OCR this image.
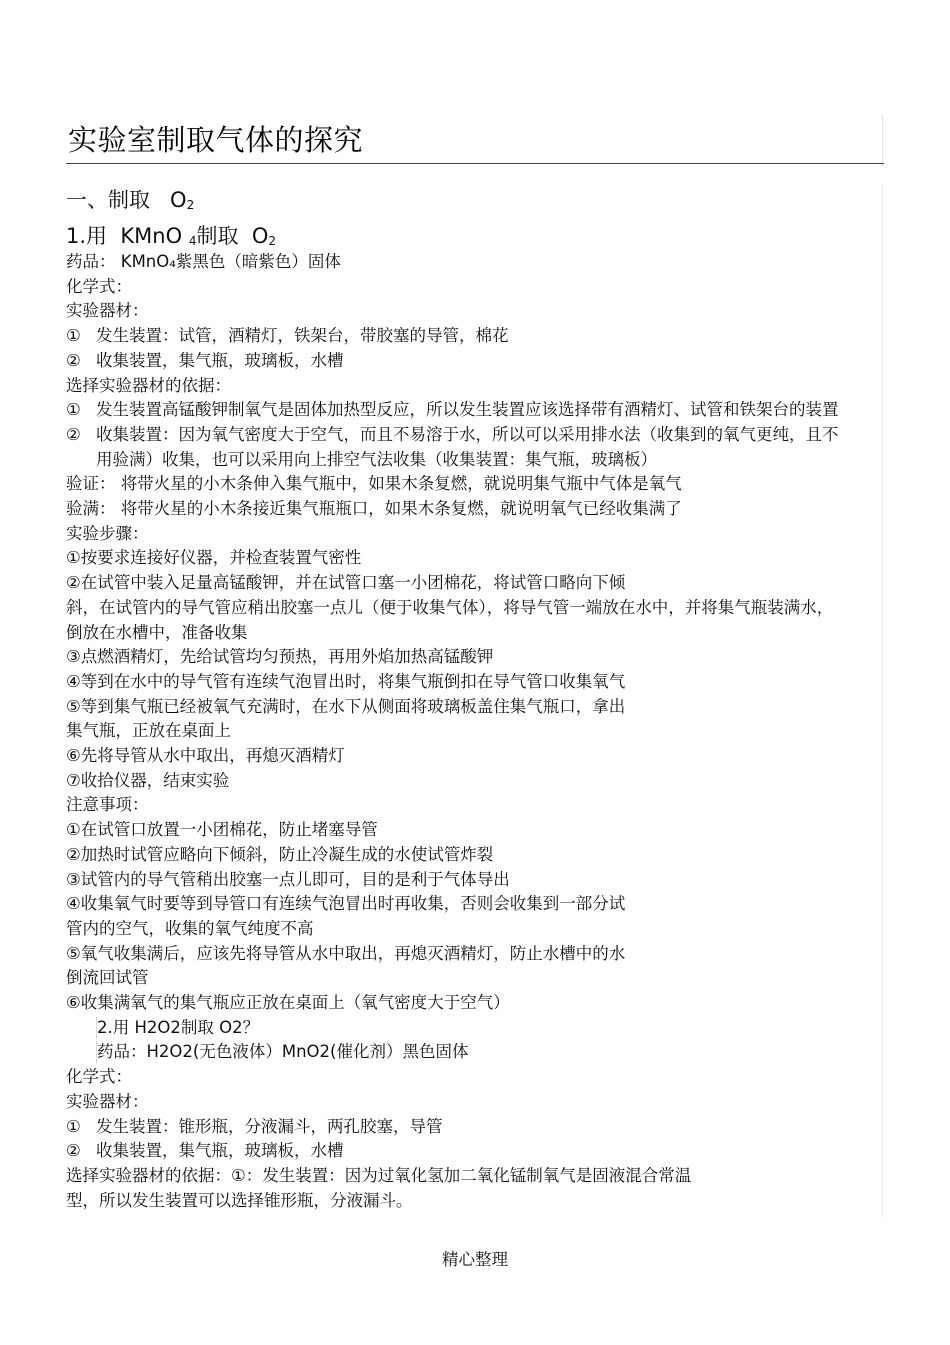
实验室制取气体的探究
一、制取 $O_2$
1.用 KMnO $_4$制取 $O_2$
药品： KMnO₄紫黑色（暗紫色）固体
化学式：
实验器材：
① 发生装置：试管，酒精灯，铁架台，带胶塞的导管，棉花
② 收集装置，集气瓶，玻璃板，水槽
选择实验器材的依据：
① 发生装置高锰酸钾制氧气是固体加热型反应，所以发生装置应该选择带有酒精灯、试管和铁架台的装置
② 收集装置：因为氧气密度大于空气，而且不易溶于水，所以可以采用排水法（收集到的氧气更纯，且不
用验满）收集，也可以采用向上排空气法收集（收集装置：集气瓶，玻璃板）
验证： 将带火星的小木条伸入集气瓶中，如果木条复燃，就说明集气瓶中气体是氧气
验满： 将带火星的小木条接近集气瓶瓶口，如果木条复燃，就说明氧气已经收集满了
实验步骤：
①按要求连接好仪器，并检查装置气密性
②在试管中装入足量高锰酸钾，并在试管口塞一小团棉花，将试管口略向下倾
斜，在试管内的导气管应稍出胶塞一点儿（便于收集气体），将导气管一端放在水中，并将集气瓶装满水，
倒放在水槽中，准备收集
③点燃酒精灯，先给试管均匀预热，再用外焰加热高锰酸钾
④等到在水中的导气管有连续气泡冒出时，将集气瓶倒扣在导气管口收集氧气
⑤等到集气瓶已经被氧气充满时，在水下从侧面将玻璃板盖住集气瓶口，拿出
集气瓶，正放在桌面上
⑥先将导管从水中取出，再熄灭酒精灯
⑦收拾仪器，结束实验
注意事项：
①在试管口放置一小团棉花，防止堵塞导管
②加热时试管应略向下倾斜，防止冷凝生成的水使试管炸裂
③试管内的导气管稍出胶塞一点儿即可，目的是利于气体导出
④收集氧气时要等到导管口有连续气泡冒出时再收集，否则会收集到一部分试
管内的空气，收集的氧气纯度不高
⑤氧气收集满后，应该先将导管从水中取出，再熄灭酒精灯，防止水槽中的水
倒流回试管
⑥收集满氧气的集气瓶应正放在桌面上（氧气密度大于空气）
2.用 H2O2制取 O2？
药品：H2O2(无色液体）MnO2(催化剂）黑色固体
化学式：
实验器材：
① 发生装置：锥形瓶，分液漏斗，两孔胶塞，导管
② 收集装置，集气瓶，玻璃板，水槽
选择实验器材的依据：①：发生装置：因为过氧化氢加二氧化锰制氧气是固液混合常温
型，所以发生装置可以选择锥形瓶，分液漏斗。
精心整理
